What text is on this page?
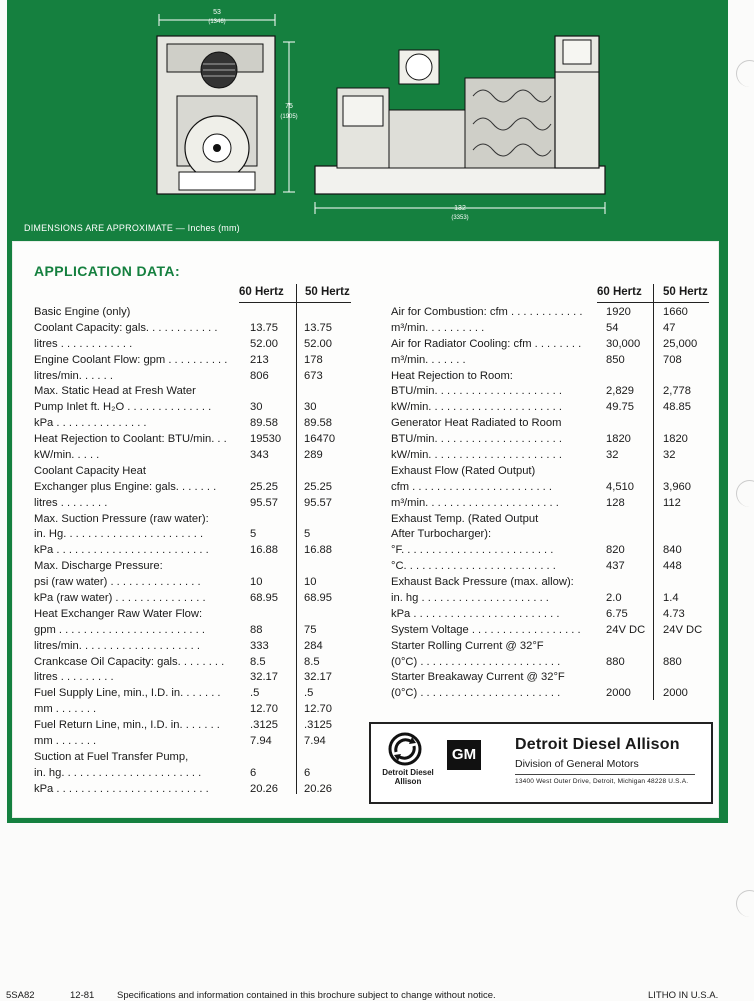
53
(1346)
75
(1905)
132
(3353)
DIMENSIONS ARE APPROXIMATE — Inches (mm)
APPLICATION DATA:
60 Hertz 50 Hertz	60 Hertz 50 Hertz
Basic Engine (only)
Coolant Capacity: gals. . . . . . . . . . . .	13.75 13.75
litres . . . . . . . . . . . .	52.00 52.00
Engine Coolant Flow: gpm . . . . . . . . . . 213	178
litres/min. . . . . .	806	673
Max. Static Head at Fresh Water
Pump Inlet ft. H₂O . . . . . . . . . . . . . .	30	30
kPa . . . . . . . . . . . . . . .	89.58 89.58
Heat Rejection to Coolant: BTU/min. . . 19530 16470
kW/min. . . . .	343	289
Coolant Capacity Heat
Exchanger plus Engine: gals. . . . . . .	25.25 25.25
litres . . . . . . . .	95.57 95.57
Max. Suction Pressure (raw water):
in. Hg. . . . . . . . . . . . . . . . . . . . . . .	5	5
kPa . . . . . . . . . . . . . . . . . . . . . . . . .	16.88 16.88
Max. Discharge Pressure:
psi (raw water) . . . . . . . . . . . . . . .	10	10
kPa (raw water) . . . . . . . . . . . . . . .	68.95 68.95
Heat Exchanger Raw Water Flow:
gpm . . . . . . . . . . . . . . . . . . . . . . . .	88	75
litres/min. . . . . . . . . . . . . . . . . . . .	333	284
Crankcase Oil Capacity: gals. . . . . . . . 8.5	8.5
litres . . . . . . . . .	32.17 32.17
Fuel Supply Line, min., I.D. in. . . . . . .	.5	.5
mm . . . . . . .	12.70 12.70
Fuel Return Line, min., I.D. in. . . . . . .	.3125 .3125
mm . . . . . . .	7.94	7.94
Suction at Fuel Transfer Pump,
in. hg. . . . . . . . . . . . . . . . . . . . . . .	6	6
kPa . . . . . . . . . . . . . . . . . . . . . . . . .	20.26 20.26
Air for Combustion: cfm . . . . . . . . . . . . 1920	1660
m³/min. . . . . . . . . .	54	47
Air for Radiator Cooling: cfm . . . . . . . . 30,000 25,000
m³/min. . . . . . .	850	708
Heat Rejection to Room:
BTU/min. . . . . . . . . . . . . . . . . . . . .	2,829	2,778
kW/min. . . . . . . . . . . . . . . . . . . . . .	49.75	48.85
Generator Heat Radiated to Room
BTU/min. . . . . . . . . . . . . . . . . . . . .	1820	1820
kW/min. . . . . . . . . . . . . . . . . . . . . .	32	32
Exhaust Flow (Rated Output)
cfm . . . . . . . . . . . . . . . . . . . . . . .	4,510	3,960
m³/min. . . . . . . . . . . . . . . . . . . . . .	128	112
Exhaust Temp. (Rated Output
After Turbocharger):
°F. . . . . . . . . . . . . . . . . . . . . . . . .	820	840
°C. . . . . . . . . . . . . . . . . . . . . . . . .	437	448
Exhaust Back Pressure (max. allow):
in. hg . . . . . . . . . . . . . . . . . . . . .	2.0	1.4
kPa . . . . . . . . . . . . . . . . . . . . . . . .	6.75	4.73
System Voltage . . . . . . . . . . . . . . . . . . 24V DC 24V DC
Starter Rolling Current @ 32°F
(0°C) . . . . . . . . . . . . . . . . . . . . . . .	880	880
Starter Breakaway Current @ 32°F
(0°C) . . . . . . . . . . . . . . . . . . . . . . .	2000	2000
Detroit Diesel Allison
GM
Detroit Diesel Allison
Division of General Motors
13400 West Outer Drive, Detroit, Michigan 48228 U.S.A.
5SA82	12-81 Specifications and information contained in this brochure subject to change without notice.	LITHO IN U.S.A.
